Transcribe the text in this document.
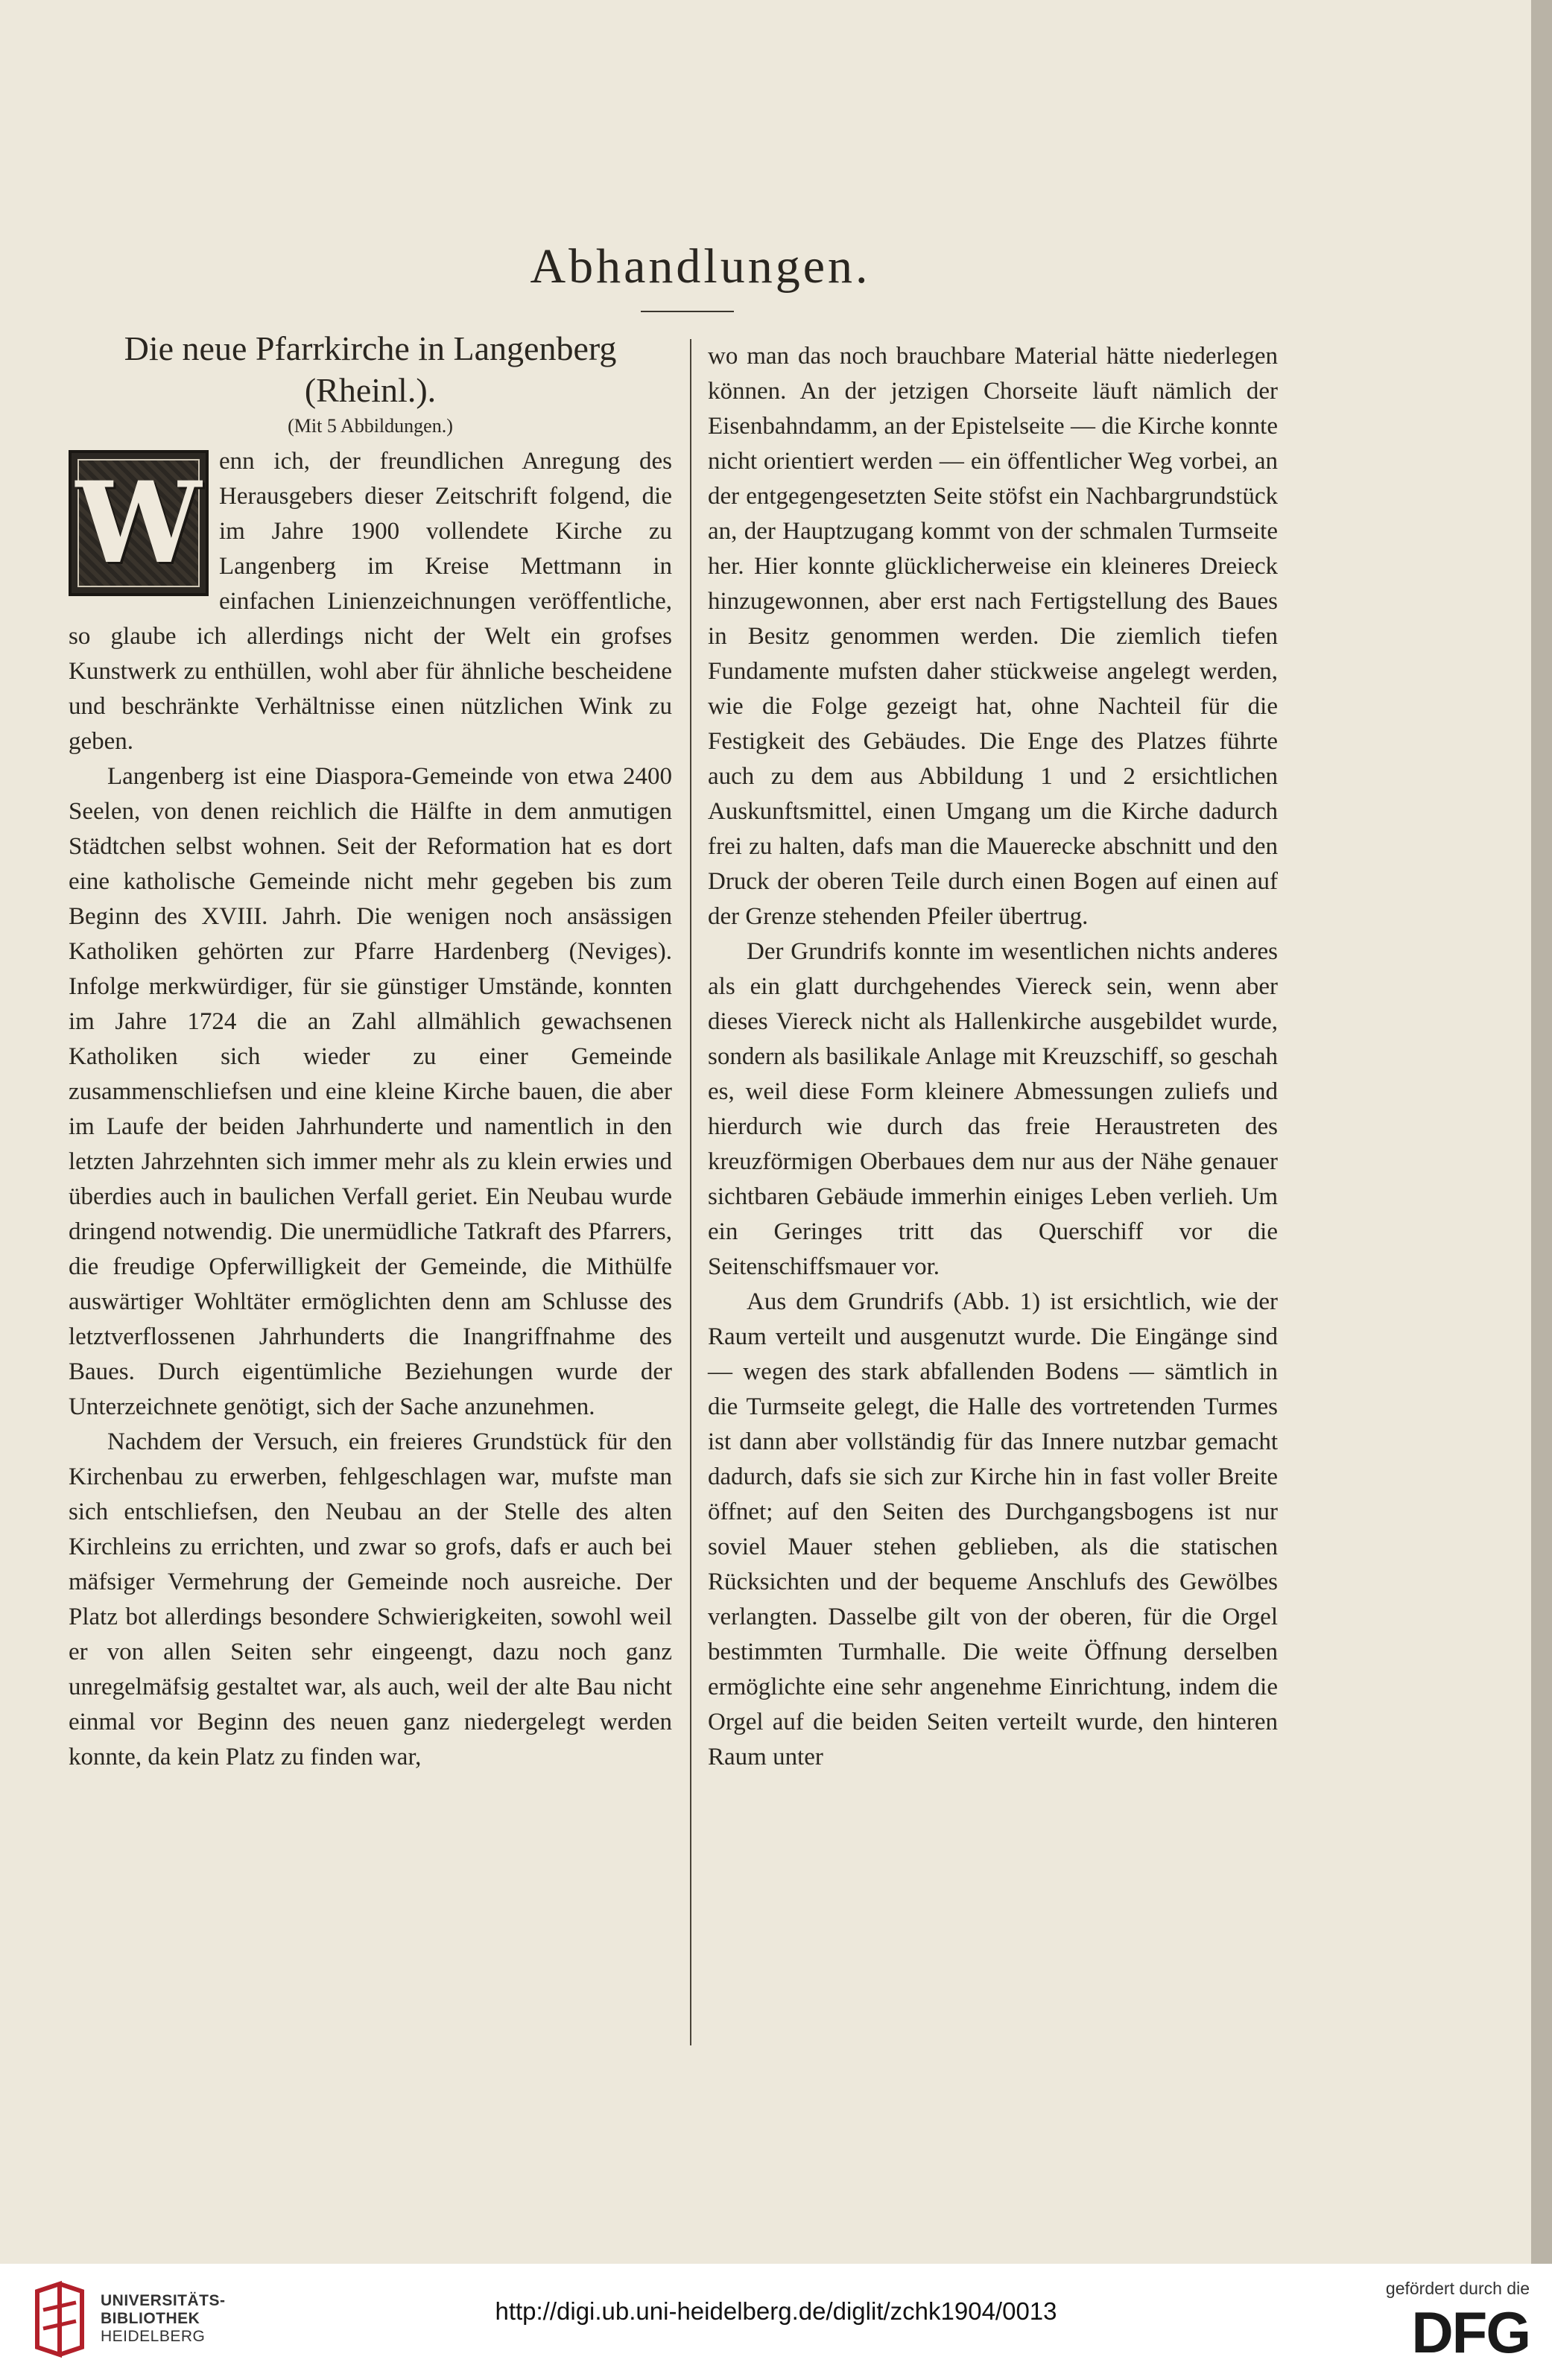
Abhandlungen.
Die neue Pfarrkirche in Langenberg
(Rheinl.).
(Mit 5 Abbildungen.)
W enn ich, der freundlichen Anregung des Herausgebers dieser Zeitschrift folgend, die im Jahre 1900 vollendete Kirche zu Langenberg im Kreise Mettmann in einfachen Linienzeichnungen veröffentliche, so glaube ich allerdings nicht der Welt ein grofses Kunstwerk zu enthüllen, wohl aber für ähnliche bescheidene und beschränkte Verhältnisse einen nützlichen Wink zu geben.

Langenberg ist eine Diaspora-Gemeinde von etwa 2400 Seelen, von denen reichlich die Hälfte in dem anmutigen Städtchen selbst wohnen. Seit der Reformation hat es dort eine katholische Gemeinde nicht mehr gegeben bis zum Beginn des XVIII. Jahrh. Die wenigen noch ansässigen Katholiken gehörten zur Pfarre Hardenberg (Neviges). Infolge merkwürdiger, für sie günstiger Umstände, konnten im Jahre 1724 die an Zahl allmählich gewachsenen Katholiken sich wieder zu einer Gemeinde zusammenschliefsen und eine kleine Kirche bauen, die aber im Laufe der beiden Jahrhunderte und namentlich in den letzten Jahrzehnten sich immer mehr als zu klein erwies und überdies auch in baulichen Verfall geriet. Ein Neubau wurde dringend notwendig. Die unermüdliche Tatkraft des Pfarrers, die freudige Opferwilligkeit der Gemeinde, die Mithülfe auswärtiger Wohltäter ermöglichten denn am Schlusse des letztverflossenen Jahrhunderts die Inangriffnahme des Baues. Durch eigentümliche Beziehungen wurde der Unterzeichnete genötigt, sich der Sache anzunehmen.

Nachdem der Versuch, ein freieres Grundstück für den Kirchenbau zu erwerben, fehlgeschlagen war, mufste man sich entschliefsen, den Neubau an der Stelle des alten Kirchleins zu errichten, und zwar so grofs, dafs er auch bei mäfsiger Vermehrung der Gemeinde noch ausreiche. Der Platz bot allerdings besondere Schwierigkeiten, sowohl weil er von allen Seiten sehr eingeengt, dazu noch ganz unregelmäfsig gestaltet war, als auch, weil der alte Bau nicht einmal vor Beginn des neuen ganz niedergelegt werden konnte, da kein Platz zu finden war,

wo man das noch brauchbare Material hätte niederlegen können. An der jetzigen Chorseite läuft nämlich der Eisenbahndamm, an der Epistelseite — die Kirche konnte nicht orientiert werden — ein öffentlicher Weg vorbei, an der entgegengesetzten Seite stöfst ein Nachbargrundstück an, der Hauptzugang kommt von der schmalen Turmseite her. Hier konnte glücklicherweise ein kleineres Dreieck hinzugewonnen, aber erst nach Fertigstellung des Baues in Besitz genommen werden. Die ziemlich tiefen Fundamente mufsten daher stückweise angelegt werden, wie die Folge gezeigt hat, ohne Nachteil für die Festigkeit des Gebäudes. Die Enge des Platzes führte auch zu dem aus Abbildung 1 und 2 ersichtlichen Auskunftsmittel, einen Umgang um die Kirche dadurch frei zu halten, dafs man die Mauerecke abschnitt und den Druck der oberen Teile durch einen Bogen auf einen auf der Grenze stehenden Pfeiler übertrug.

Der Grundrifs konnte im wesentlichen nichts anderes als ein glatt durchgehendes Viereck sein, wenn aber dieses Viereck nicht als Hallenkirche ausgebildet wurde, sondern als basilikale Anlage mit Kreuzschiff, so geschah es, weil diese Form kleinere Abmessungen zuliefs und hierdurch wie durch das freie Heraustreten des kreuzförmigen Oberbaues dem nur aus der Nähe genauer sichtbaren Gebäude immerhin einiges Leben verlieh. Um ein Geringes tritt das Querschiff vor die Seitenschiffsmauer vor.

Aus dem Grundrifs (Abb. 1) ist ersichtlich, wie der Raum verteilt und ausgenutzt wurde. Die Eingänge sind — wegen des stark abfallenden Bodens — sämtlich in die Turmseite gelegt, die Halle des vortretenden Turmes ist dann aber vollständig für das Innere nutzbar gemacht dadurch, dafs sie sich zur Kirche hin in fast voller Breite öffnet; auf den Seiten des Durchgangsbogens ist nur soviel Mauer stehen geblieben, als die statischen Rücksichten und der bequeme Anschlufs des Gewölbes verlangten. Dasselbe gilt von der oberen, für die Orgel bestimmten Turmhalle. Die weite Öffnung derselben ermöglichte eine sehr angenehme Einrichtung, indem die Orgel auf die beiden Seiten verteilt wurde, den hinteren Raum unter

UNIVERSITÄTS-
BIBLIOTHEK
HEIDELBERG
http://digi.ub.uni-heidelberg.de/diglit/zchk1904/0013
gefördert durch die
DFG
